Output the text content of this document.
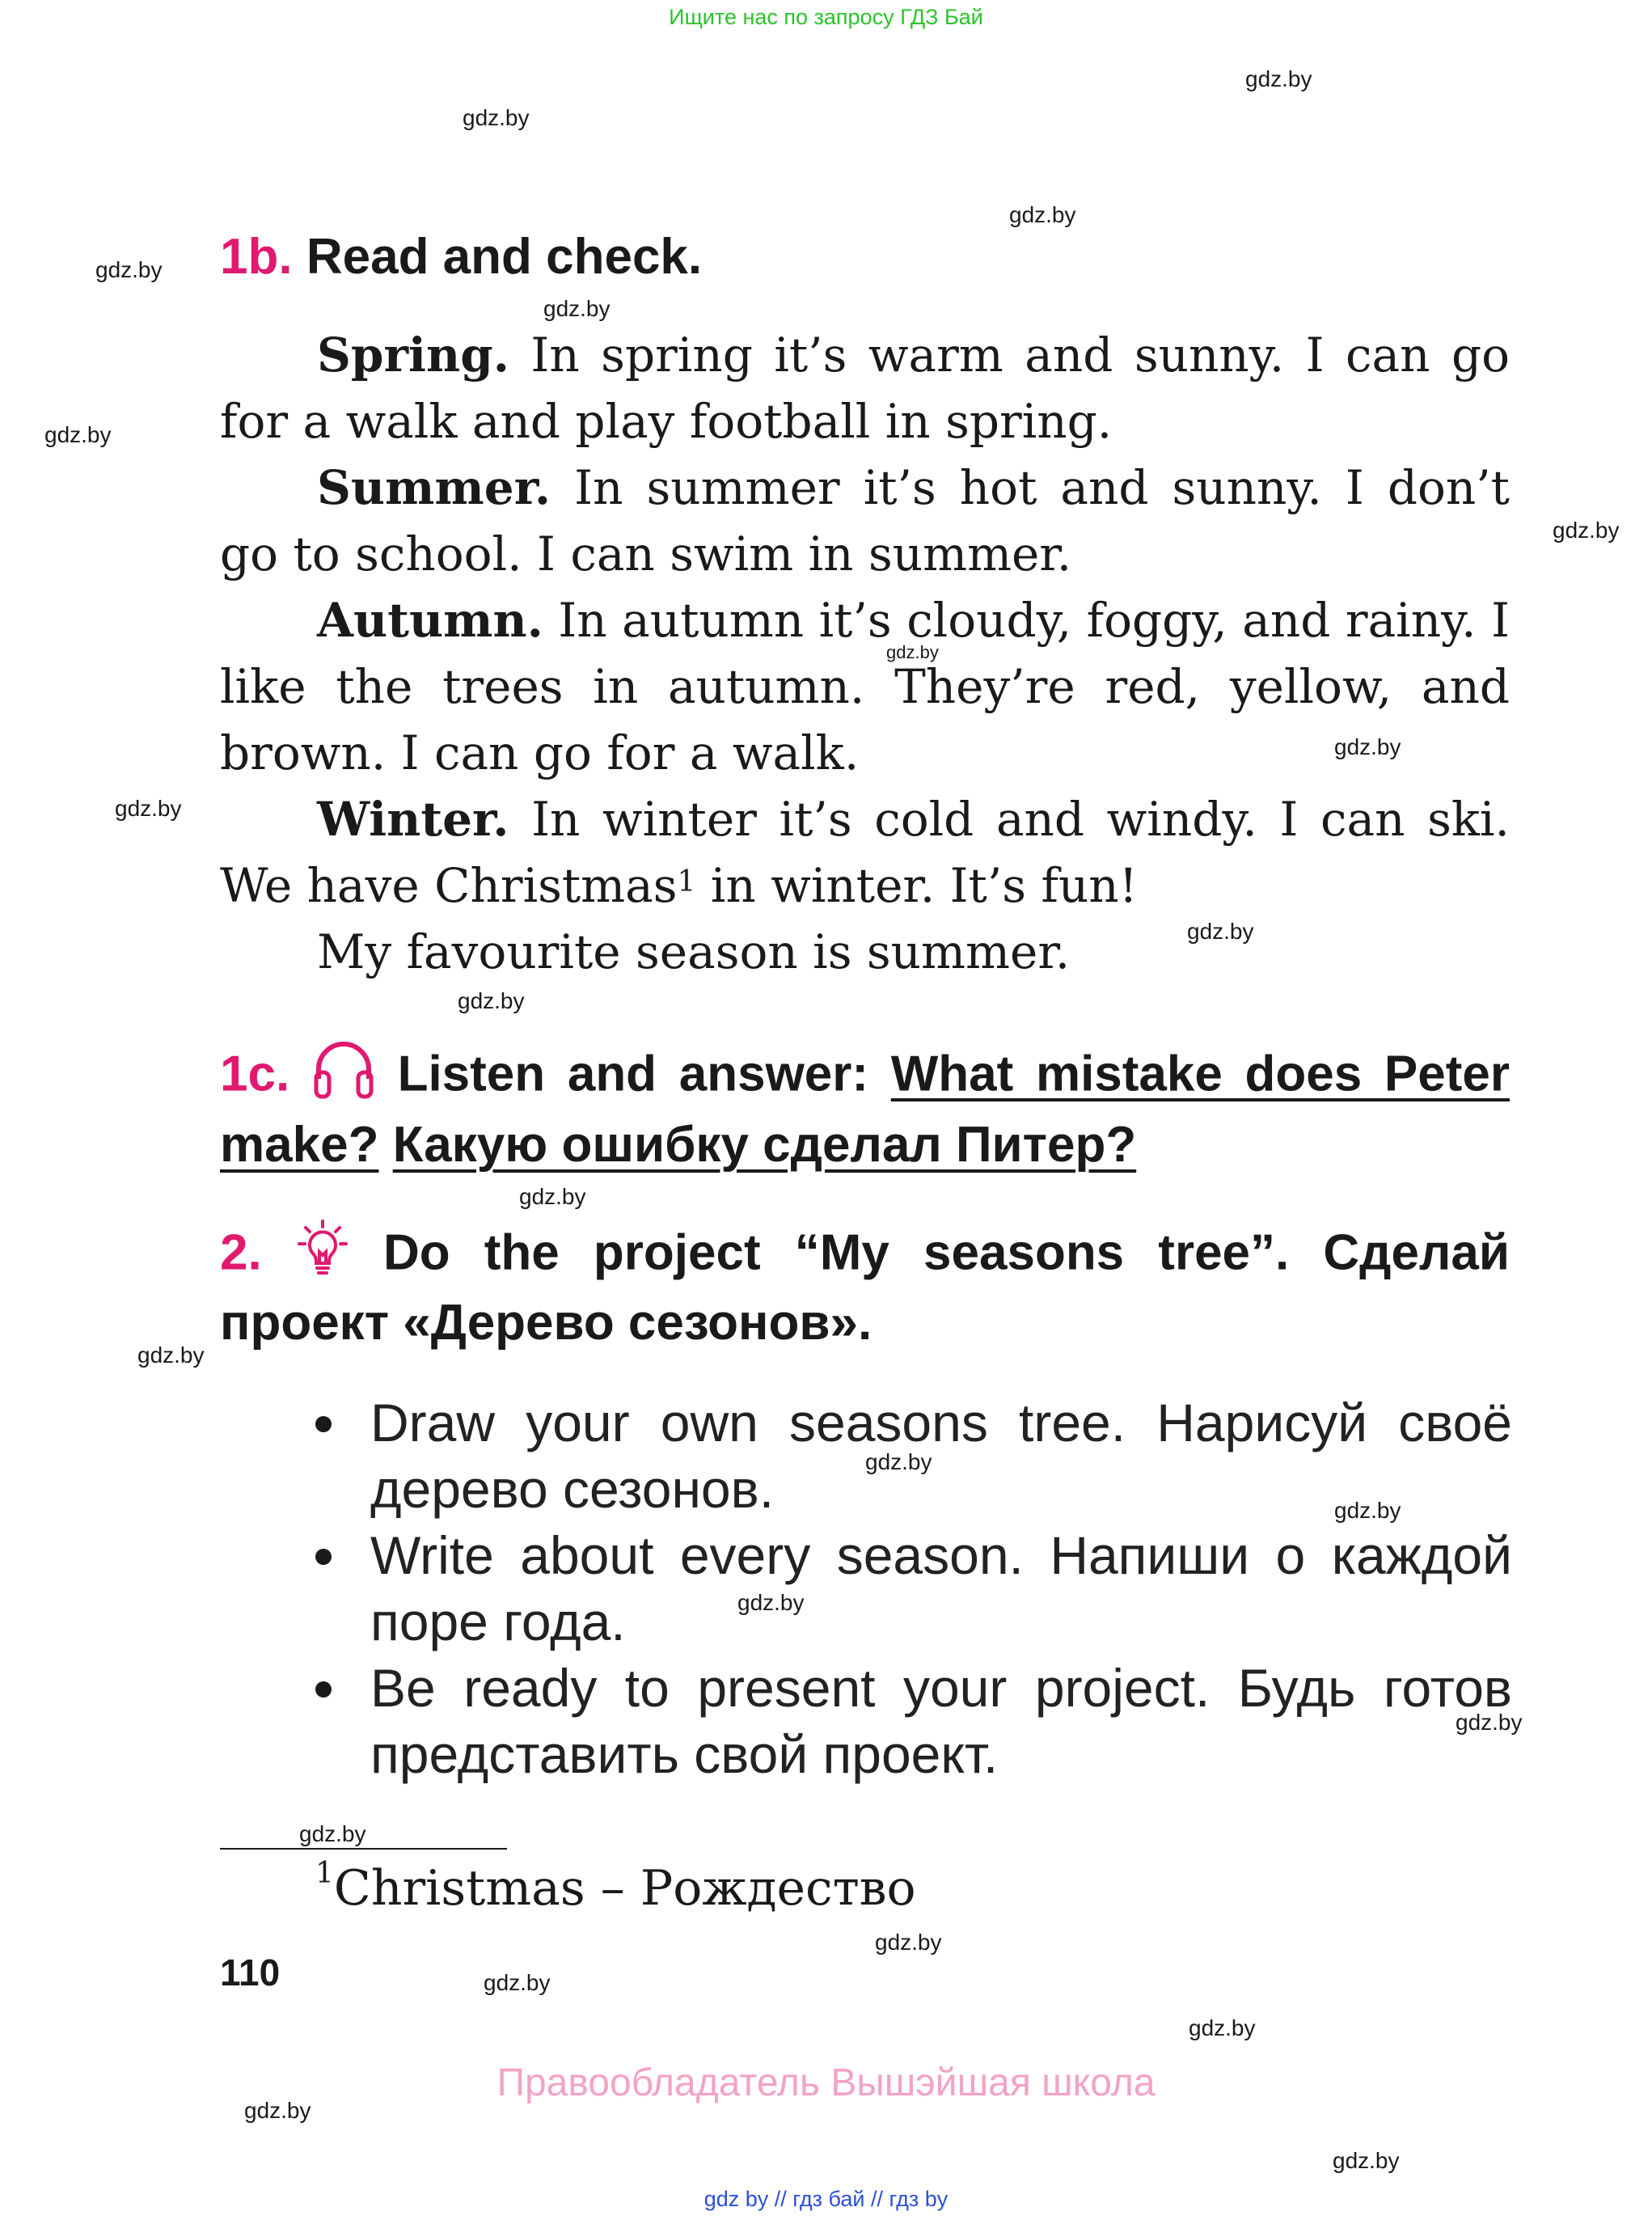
Ищите нас по запросу ГДЗ Бай
gdz.by
gdz.by
gdz.by
gdz.by
gdz.by
gdz.by
gdz.by
gdz.by
gdz.by
gdz.by
gdz.by
gdz.by
gdz.by
gdz.by
gdz.by
gdz.by
gdz.by
gdz.by
gdz.by
gdz.by
gdz.by
gdz.by
gdz.by
gdz.by
1b. Read and check.

Spring. In spring it’s warm and sunny. I can go for a walk and play football in spring.

Summer. In summer it’s hot and sunny. I don’t go to school. I can swim in summer.

Autumn. In autumn it’s cloudy, foggy, and rainy. I like the trees in autumn. They’re red, yellow, and brown. I can go for a walk.

Winter. In winter it’s cold and windy. I can ski. We have Christmas$^1$ in winter. It’s fun!

My favourite season is summer.

1c. Listen and answer: What mistake does Peter make? Какую ошибку сделал Питер?
2. Do the project “My seasons tree”. Сделай проект «Дерево сезонов».
Draw your own seasons tree. Нарисуй своё дерево сезонов.
Write about every season. Напиши о каждой поре года.
Be ready to present your project. Будь готов представить свой проект.
$^1$Christmas – Рождество
110
Правообладатель Вышэйшая школа
gdz by // гдз бай // гдз by
